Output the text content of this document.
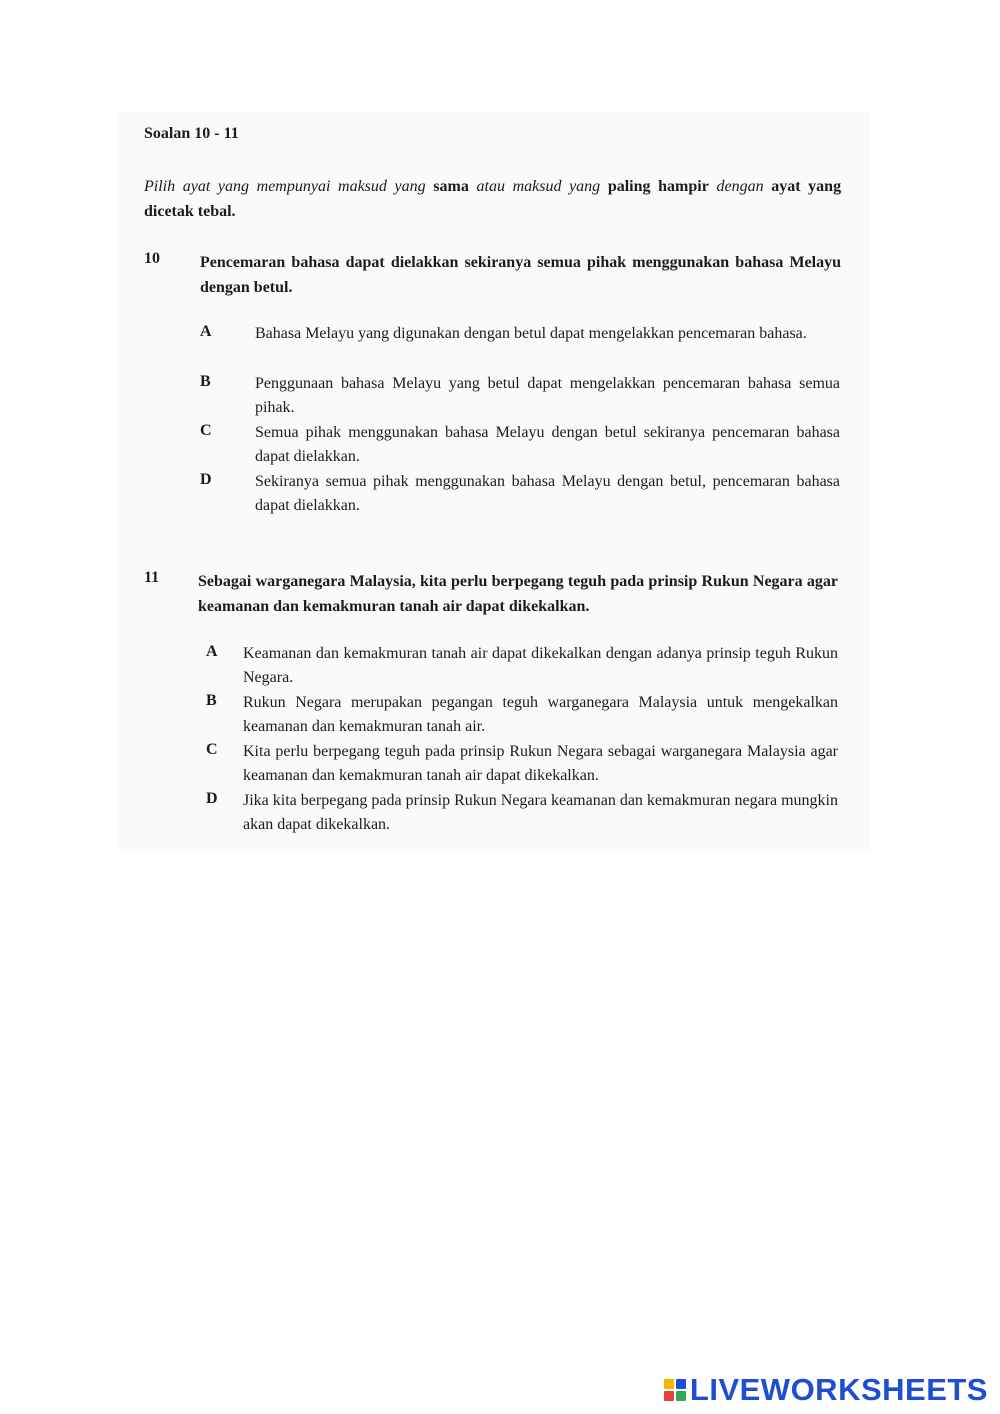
Soalan 10 - 11
Pilih ayat yang mempunyai maksud yang sama atau maksud yang paling hampir dengan ayat yang dicetak tebal.
10	Pencemaran bahasa dapat dielakkan sekiranya semua pihak menggunakan bahasa Melayu dengan betul.
A	Bahasa Melayu yang digunakan dengan betul dapat mengelakkan pencemaran bahasa.
B	Penggunaan bahasa Melayu yang betul dapat mengelakkan pencemaran bahasa semua pihak.
C	Semua pihak menggunakan bahasa Melayu dengan betul sekiranya pencemaran bahasa dapat dielakkan.
D	Sekiranya semua pihak menggunakan bahasa Melayu dengan betul, pencemaran bahasa dapat dielakkan.
11 Sebagai warganegara Malaysia, kita perlu berpegang teguh pada prinsip Rukun Negara agar keamanan dan kemakmuran tanah air dapat dikekalkan.
A Keamanan dan kemakmuran tanah air dapat dikekalkan dengan adanya prinsip teguh Rukun Negara.
B Rukun Negara merupakan pegangan teguh warganegara Malaysia untuk mengekalkan keamanan dan kemakmuran tanah air.
C Kita perlu berpegang teguh pada prinsip Rukun Negara sebagai warganegara Malaysia agar keamanan dan kemakmuran tanah air dapat dikekalkan.
D Jika kita berpegang pada prinsip Rukun Negara keamanan dan kemakmuran negara mungkin akan dapat dikekalkan.
LIVEWORKSHEETS
